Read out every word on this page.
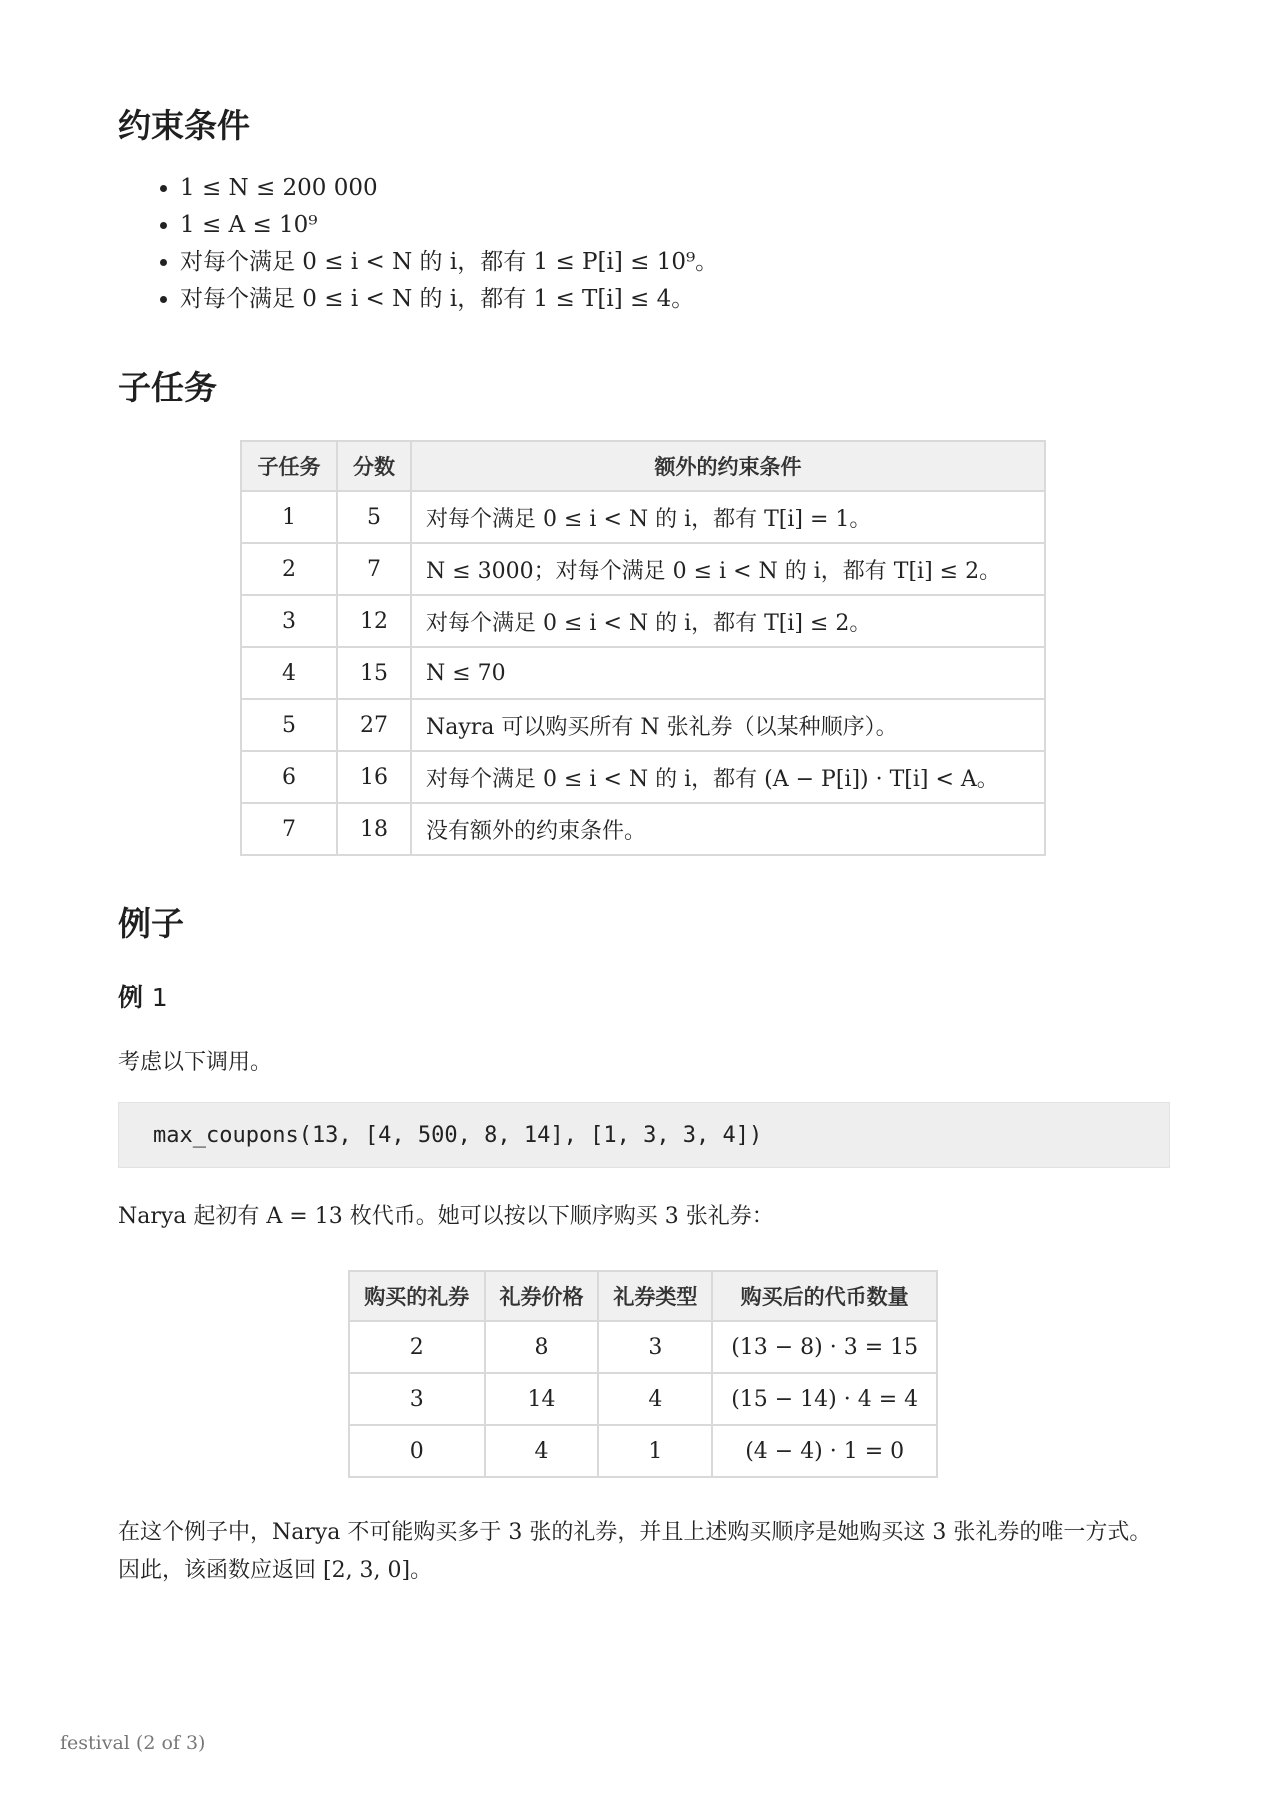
约束条件
• 1 ≤ N ≤ 200 000
• 1 ≤ A ≤ 10⁹
• 对每个满足 0 ≤ i < N 的 i，都有 1 ≤ P[i] ≤ 10⁹。
• 对每个满足 0 ≤ i < N 的 i，都有 1 ≤ T[i] ≤ 4。
子任务
子任务	分数	额外的约束条件
1	5	对每个满足 0 ≤ i < N 的 i，都有 T[i] = 1。
2	7	N ≤ 3000；对每个满足 0 ≤ i < N 的 i，都有 T[i] ≤ 2。
3	12	对每个满足 0 ≤ i < N 的 i，都有 T[i] ≤ 2。
4	15	N ≤ 70
5	27	Nayra 可以购买所有 N 张礼券（以某种顺序）。
6	16	对每个满足 0 ≤ i < N 的 i，都有 (A − P[i]) · T[i] < A。
7	18	没有额外的约束条件。
例子
例 1

考虑以下调用。

max_coupons(13, [4, 500, 8, 14], [1, 3, 3, 4])

Narya 起初有 A = 13 枚代币。她可以按以下顺序购买 3 张礼券：

购买的礼券	礼券价格	礼券类型	购买后的代币数量
2	8	3	(13 − 8) · 3 = 15
3	14	4	(15 − 14) · 4 = 4
0	4	1	(4 − 4) · 1 = 0

在这个例子中，Narya 不可能购买多于 3 张的礼券，并且上述购买顺序是她购买这 3 张礼券的唯一方式。因此，该函数应返回 [2, 3, 0]。

festival (2 of 3)
